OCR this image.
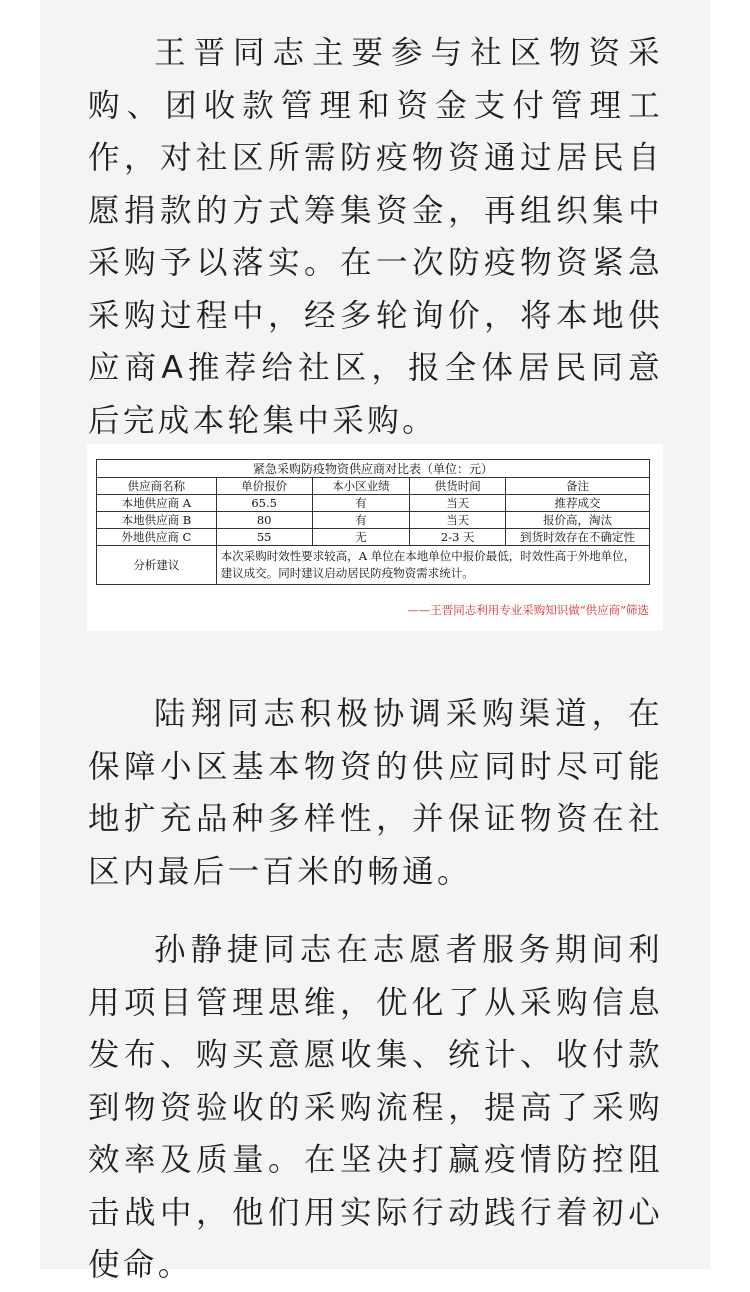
王晋同志主要参与社区物资采购、团收款管理和资金支付管理工作，对社区所需防疫物资通过居民自愿捐款的方式筹集资金，再组织集中采购予以落实。在一次防疫物资紧急采购过程中，经多轮询价，将本地供应商A推荐给社区，报全体居民同意后完成本轮集中采购。

紧急采购防疫物资供应商对比表（单位：元）				
供应商名称	单价报价	本小区业绩	供货时间	备注
本地供应商 A	65.5	有	当天	推荐成交
本地供应商 B	80	有	当天	报价高，淘汰
外地供应商 C	55	无	2-3 天	到货时效存在不确定性
分析建议	本次采购时效性要求较高，A 单位在本地单位中报价最低，时效性高于外地单位，建议成交。同时建议启动居民防疫物资需求统计。			
——王晋同志利用专业采购知识做“供应商”筛选

陆翔同志积极协调采购渠道，在保障小区基本物资的供应同时尽可能地扩充品种多样性，并保证物资在社区内最后一百米的畅通。

孙静捷同志在志愿者服务期间利用项目管理思维，优化了从采购信息发布、购买意愿收集、统计、收付款到物资验收的采购流程，提高了采购效率及质量。在坚决打赢疫情防控阻击战中，他们用实际行动践行着初心使命。
